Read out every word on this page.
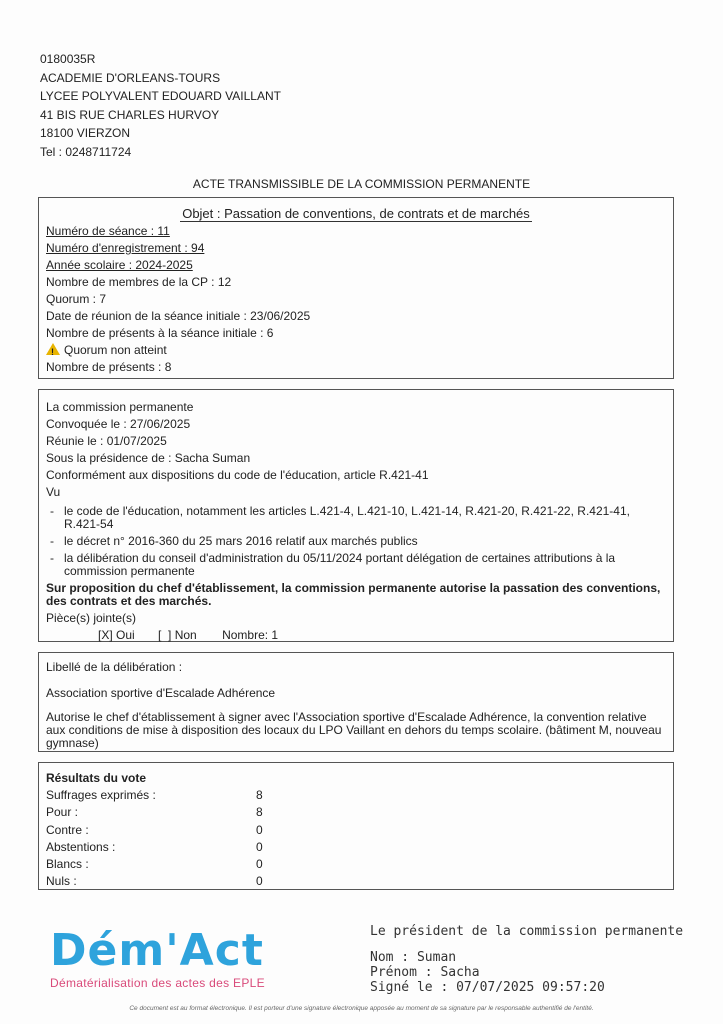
0180035R
ACADEMIE D'ORLEANS-TOURS
LYCEE POLYVALENT EDOUARD VAILLANT
41 BIS RUE CHARLES HURVOY
18100 VIERZON
Tel : 0248711724
ACTE TRANSMISSIBLE DE LA COMMISSION PERMANENTE
Objet : Passation de conventions, de contrats et de marchés
Numéro de séance : 11
Numéro d'enregistrement : 94
Année scolaire : 2024-2025
Nombre de membres de la CP : 12
Quorum : 7
Date de réunion de la séance initiale : 23/06/2025
Nombre de présents à la séance initiale : 6
!Quorum non atteint
Nombre de présents : 8
La commission permanente
Convoquée le : 27/06/2025
Réunie le : 01/07/2025
Sous la présidence de : Sacha Suman
Conformément aux dispositions du code de l'éducation, article R.421-41
Vu
- le code de l'éducation, notamment les articles L.421-4, L.421-10, L.421-14, R.421-20, R.421-22, R.421-41, R.421-54
- le décret n° 2016-360 du 25 mars 2016 relatif aux marchés publics
- la délibération du conseil d'administration du 05/11/2024 portant délégation de certaines attributions à la commission permanente
Sur proposition du chef d'établissement, la commission permanente autorise la passation des conventions, des contrats et des marchés.
Pièce(s) jointe(s)
[X] Oui [  ] Non Nombre: 1
Libellé de la délibération :
Association sportive d'Escalade Adhérence
Autorise le chef d'établissement à signer avec l'Association sportive d'Escalade Adhérence, la convention relative aux conditions de mise à disposition des locaux du LPO Vaillant en dehors du temps scolaire. (bâtiment M, nouveau gymnase)
Résultats du vote
Suffrages exprimés :	8
Pour :	8
Contre :	0
Abstentions :	0
Blancs :	0
Nuls :	0
Dém'Act
Dématérialisation des actes des EPLE
Le président de la commission permanente
Nom : Suman
Prénom : Sacha
Signé le : 07/07/2025 09:57:20
Ce document est au format électronique. Il est porteur d'une signature électronique apposée au moment de sa signature par le responsable authentifié de l'entité.
